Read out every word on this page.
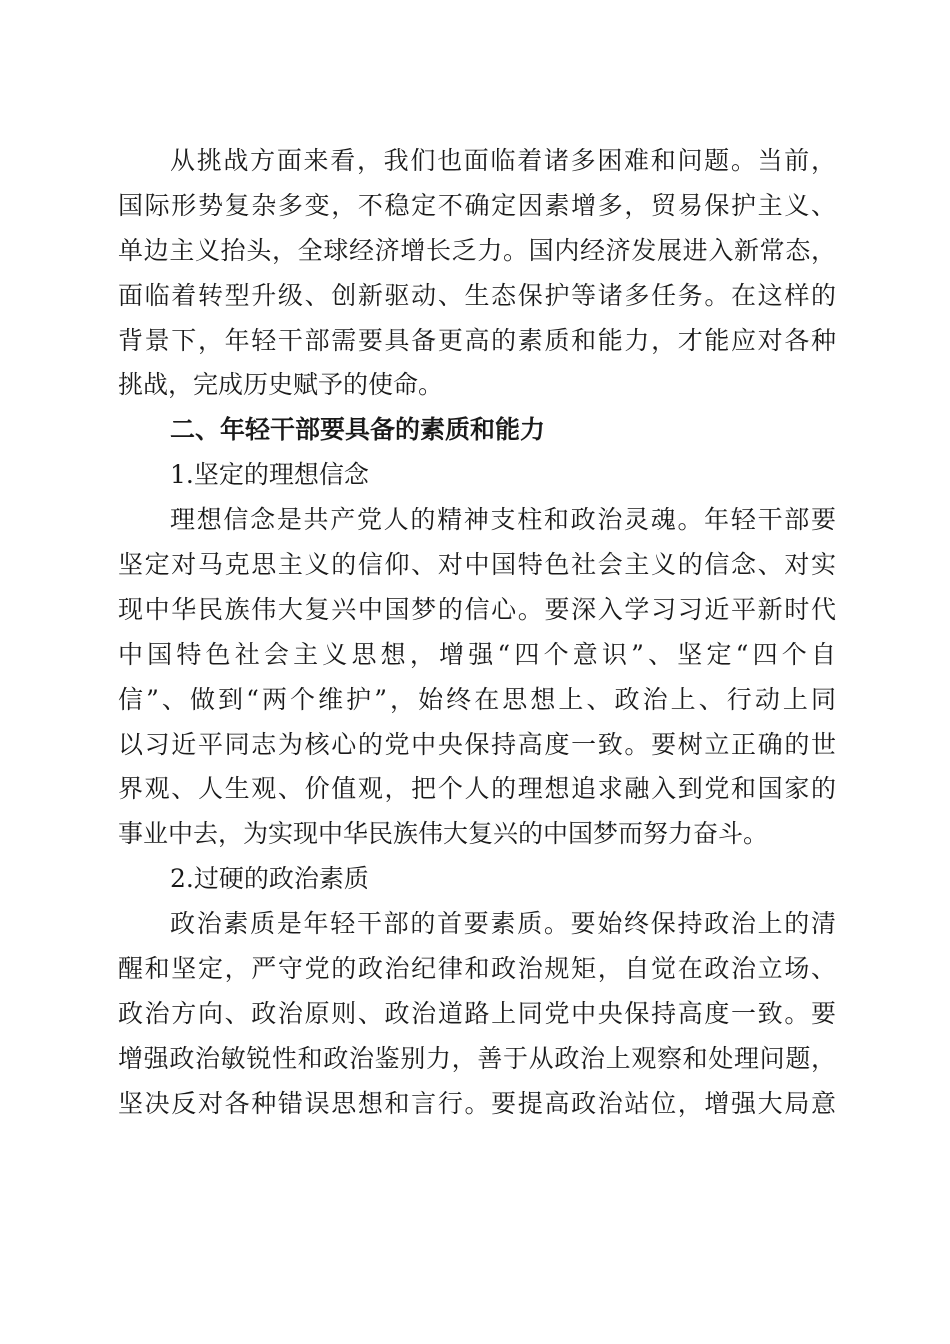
从挑战方面来看，我们也面临着诸多困难和问题。当前，
国际形势复杂多变，不稳定不确定因素增多，贸易保护主义、
单边主义抬头，全球经济增长乏力。国内经济发展进入新常态，
面临着转型升级、创新驱动、生态保护等诸多任务。在这样的
背景下，年轻干部需要具备更高的素质和能力，才能应对各种
挑战，完成历史赋予的使命。
二、年轻干部要具备的素质和能力
1.坚定的理想信念
理想信念是共产党人的精神支柱和政治灵魂。年轻干部要
坚定对马克思主义的信仰、对中国特色社会主义的信念、对实
现中华民族伟大复兴中国梦的信心。要深入学习习近平新时代
中国特色社会主义思想，增强“四个意识”、坚定“四个自
信”、做到“两个维护”，始终在思想上、政治上、行动上同
以习近平同志为核心的党中央保持高度一致。要树立正确的世
界观、人生观、价值观，把个人的理想追求融入到党和国家的
事业中去，为实现中华民族伟大复兴的中国梦而努力奋斗。
2.过硬的政治素质
政治素质是年轻干部的首要素质。要始终保持政治上的清
醒和坚定，严守党的政治纪律和政治规矩，自觉在政治立场、
政治方向、政治原则、政治道路上同党中央保持高度一致。要
增强政治敏锐性和政治鉴别力，善于从政治上观察和处理问题，
坚决反对各种错误思想和言行。要提高政治站位，增强大局意
